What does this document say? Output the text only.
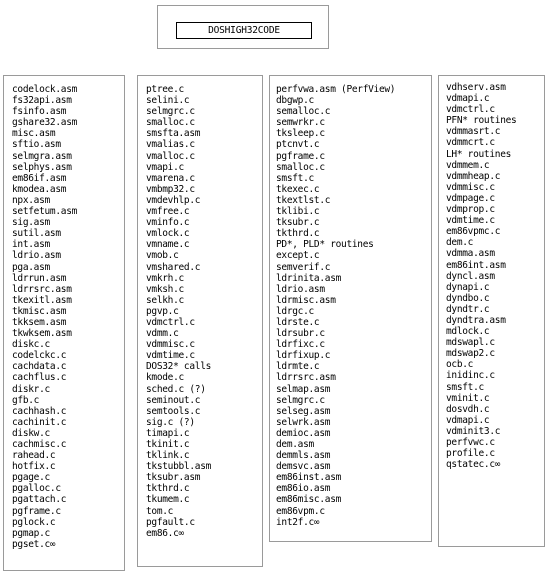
DOSHIGH32CODE
codelock.asm
fs32api.asm
fsinfo.asm
gshare32.asm
misc.asm
sftio.asm
selmgra.asm
selphys.asm
em86if.asm
kmodea.asm
npx.asm
setfetum.asm
sig.asm
sutil.asm
int.asm
ldrio.asm
pga.asm
ldrrun.asm
ldrrsrc.asm
tkexitl.asm
tkmisc.asm
tkksem.asm
tkwksem.asm
diskc.c
codelckc.c
cachdata.c
cachflus.c
diskr.c
gfb.c
cachhash.c
cachinit.c
diskw.c
cachmisc.c
rahead.c
hotfix.c
pgage.c
pgalloc.c
pgattach.c
pgframe.c
pglock.c
pgmap.c
pgset.c∞
ptree.c
selini.c
selmgrc.c
smalloc.c
smsfta.asm
vmalias.c
vmalloc.c
vmapi.c
vmarena.c
vmbmp32.c
vmdevhlp.c
vmfree.c
vminfo.c
vmlock.c
vmname.c
vmob.c
vmshared.c
vmkrh.c
vmksh.c
selkh.c
pgvp.c
vdmctrl.c
vdmm.c
vdmmisc.c
vdmtime.c
DOS32* calls
kmode.c
sched.c (?)
seminout.c
semtools.c
sig.c (?)
timapi.c
tkinit.c
tklink.c
tkstubbl.asm
tksubr.asm
tkthrd.c
tkumem.c
tom.c
pgfault.c
em86.c∞
perfvwa.asm (PerfView)
dbgwp.c
semalloc.c
semwrkr.c
tksleep.c
ptcnvt.c
pgframe.c
smalloc.c
smsft.c
tkexec.c
tkextlst.c
tklibi.c
tksubr.c
tkthrd.c
PD*, PLD* routines
except.c
semverif.c
ldrinita.asm
ldrio.asm
ldrmisc.asm
ldrgc.c
ldrste.c
ldrsubr.c
ldrfixc.c
ldrfixup.c
ldrmte.c
ldrrsrc.asm
selmap.asm
selmgrc.c
selseg.asm
selwrk.asm
demioc.asm
dem.asm
demmls.asm
demsvc.asm
em86inst.asm
em86io.asm
em86misc.asm
em86vpm.c
int2f.c∞
vdhserv.asm
vdmapi.c
vdmctrl.c
PFN* routines
vdmmasrt.c
vdmmcrt.c
LH* routines
vdmmem.c
vdmmheap.c
vdmmisc.c
vdmpage.c
vdmprop.c
vdmtime.c
em86vpmc.c
dem.c
vdmma.asm
em86int.asm
dyncl.asm
dynapi.c
dyndbo.c
dyndtr.c
dyndtra.asm
mdlock.c
mdswapl.c
mdswap2.c
ocb.c
inidinc.c
smsft.c
vminit.c
dosvdh.c
vdmapi.c
vdminit3.c
perfvwc.c
profile.c
qstatec.c∞
